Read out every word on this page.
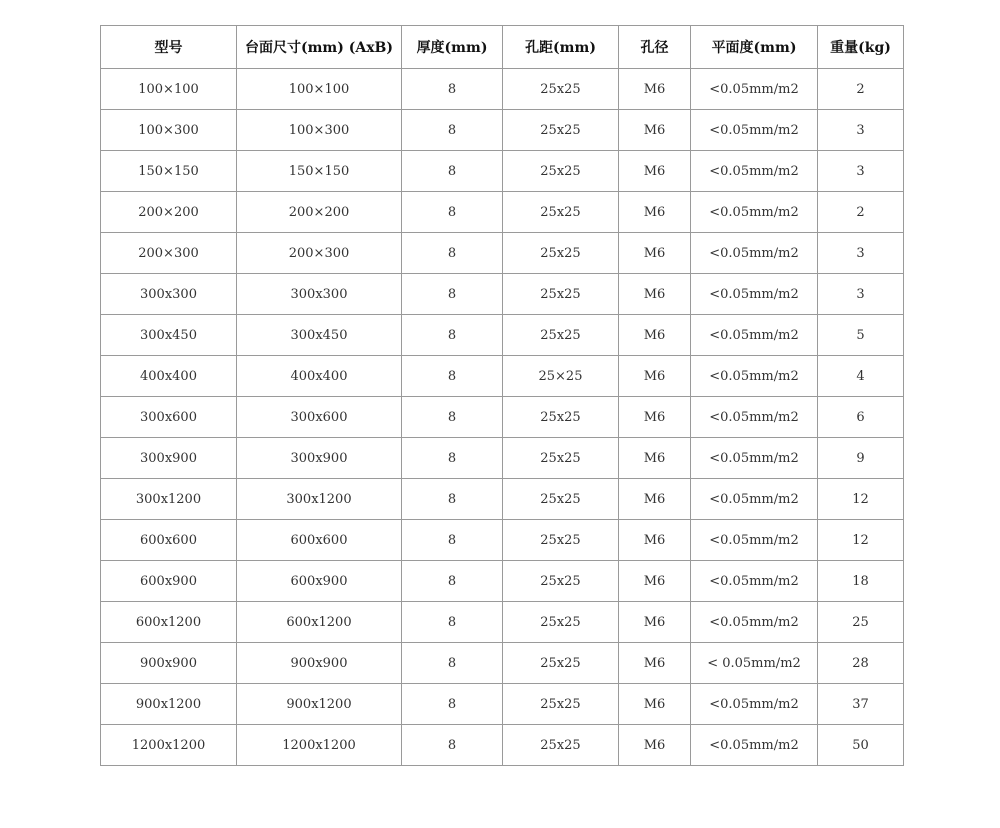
型号	台面尺寸(mm) (AxB)	厚度(mm)	孔距(mm)	孔径	平面度(mm)	重量(kg)
100×100	100×100	8	25x25	M6	<0.05mm/m2	2
100×300	100×300	8	25x25	M6	<0.05mm/m2	3
150×150	150×150	8	25x25	M6	<0.05mm/m2	3
200×200	200×200	8	25x25	M6	<0.05mm/m2	2
200×300	200×300	8	25x25	M6	<0.05mm/m2	3
300x300	300x300	8	25x25	M6	<0.05mm/m2	3
300x450	300x450	8	25x25	M6	<0.05mm/m2	5
400x400	400x400	8	25×25	M6	<0.05mm/m2	4
300x600	300x600	8	25x25	M6	<0.05mm/m2	6
300x900	300x900	8	25x25	M6	<0.05mm/m2	9
300x1200	300x1200	8	25x25	M6	<0.05mm/m2	12
600x600	600x600	8	25x25	M6	<0.05mm/m2	12
600x900	600x900	8	25x25	M6	<0.05mm/m2	18
600x1200	600x1200	8	25x25	M6	<0.05mm/m2	25
900x900	900x900	8	25x25	M6	< 0.05mm/m2	28
900x1200	900x1200	8	25x25	M6	<0.05mm/m2	37
1200x1200	1200x1200	8	25x25	M6	<0.05mm/m2	50
